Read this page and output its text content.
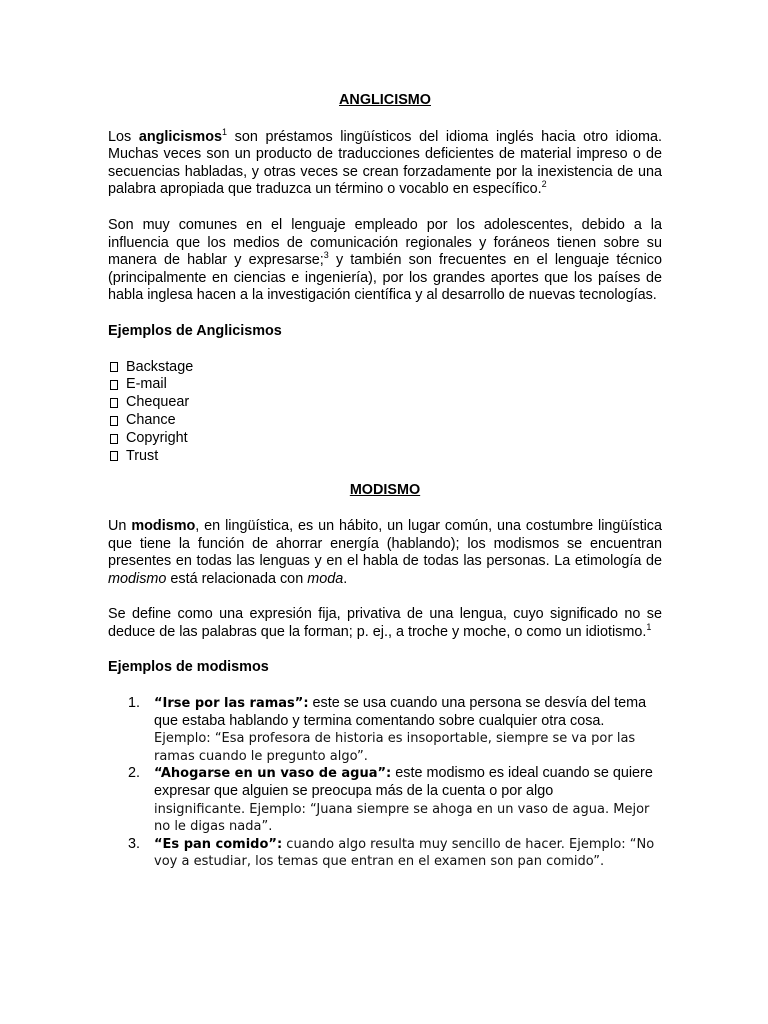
ANGLICISMO

Los anglicismos$^1$ son préstamos lingüísticos del idioma inglés hacia otro idioma. Muchas veces son un producto de traducciones deficientes de material impreso o de secuencias habladas, y otras veces se crean forzadamente por la inexistencia de una palabra apropiada que traduzca un término o vocablo en específico.$^2$

Son muy comunes en el lenguaje empleado por los adolescentes, debido a la influencia que los medios de comunicación regionales y foráneos tienen sobre su manera de hablar y expresarse;$^3$ y también son frecuentes en el lenguaje técnico (principalmente en ciencias e ingeniería), por los grandes aportes que los países de habla inglesa hacen a la investigación científica y al desarrollo de nuevas tecnologías.

Ejemplos de Anglicismos

Backstage
E-mail
Chequear
Chance
Copyright
Trust

MODISMO

Un modismo, en lingüística, es un hábito, un lugar común, una costumbre lingüística que tiene la función de ahorrar energía (hablando); los modismos se encuentran presentes en todas las lenguas y en el habla de todas las personas. La etimología de modismo está relacionada con moda.

Se define como una expresión fija, privativa de una lengua, cuyo significado no se deduce de las palabras que la forman; p. ej., a troche y moche, o como un idiotismo.$^1$

Ejemplos de modismos

1.	“Irse por las ramas”: este se usa cuando una persona se desvía del tema que estaba hablando y termina comentando sobre cualquier otra cosa.
Ejemplo: “Esa profesora de historia es insoportable, siempre se va por las ramas cuando le pregunto algo”.
2.	“Ahogarse en un vaso de agua”: este modismo es ideal cuando se quiere expresar que alguien se preocupa más de la cuenta o por algo
insignificante. Ejemplo: “Juana siempre se ahoga en un vaso de agua. Mejor no le digas nada”.
3.	“Es pan comido”: cuando algo resulta muy sencillo de hacer. Ejemplo: “No voy a estudiar, los temas que entran en el examen son pan comido”.
